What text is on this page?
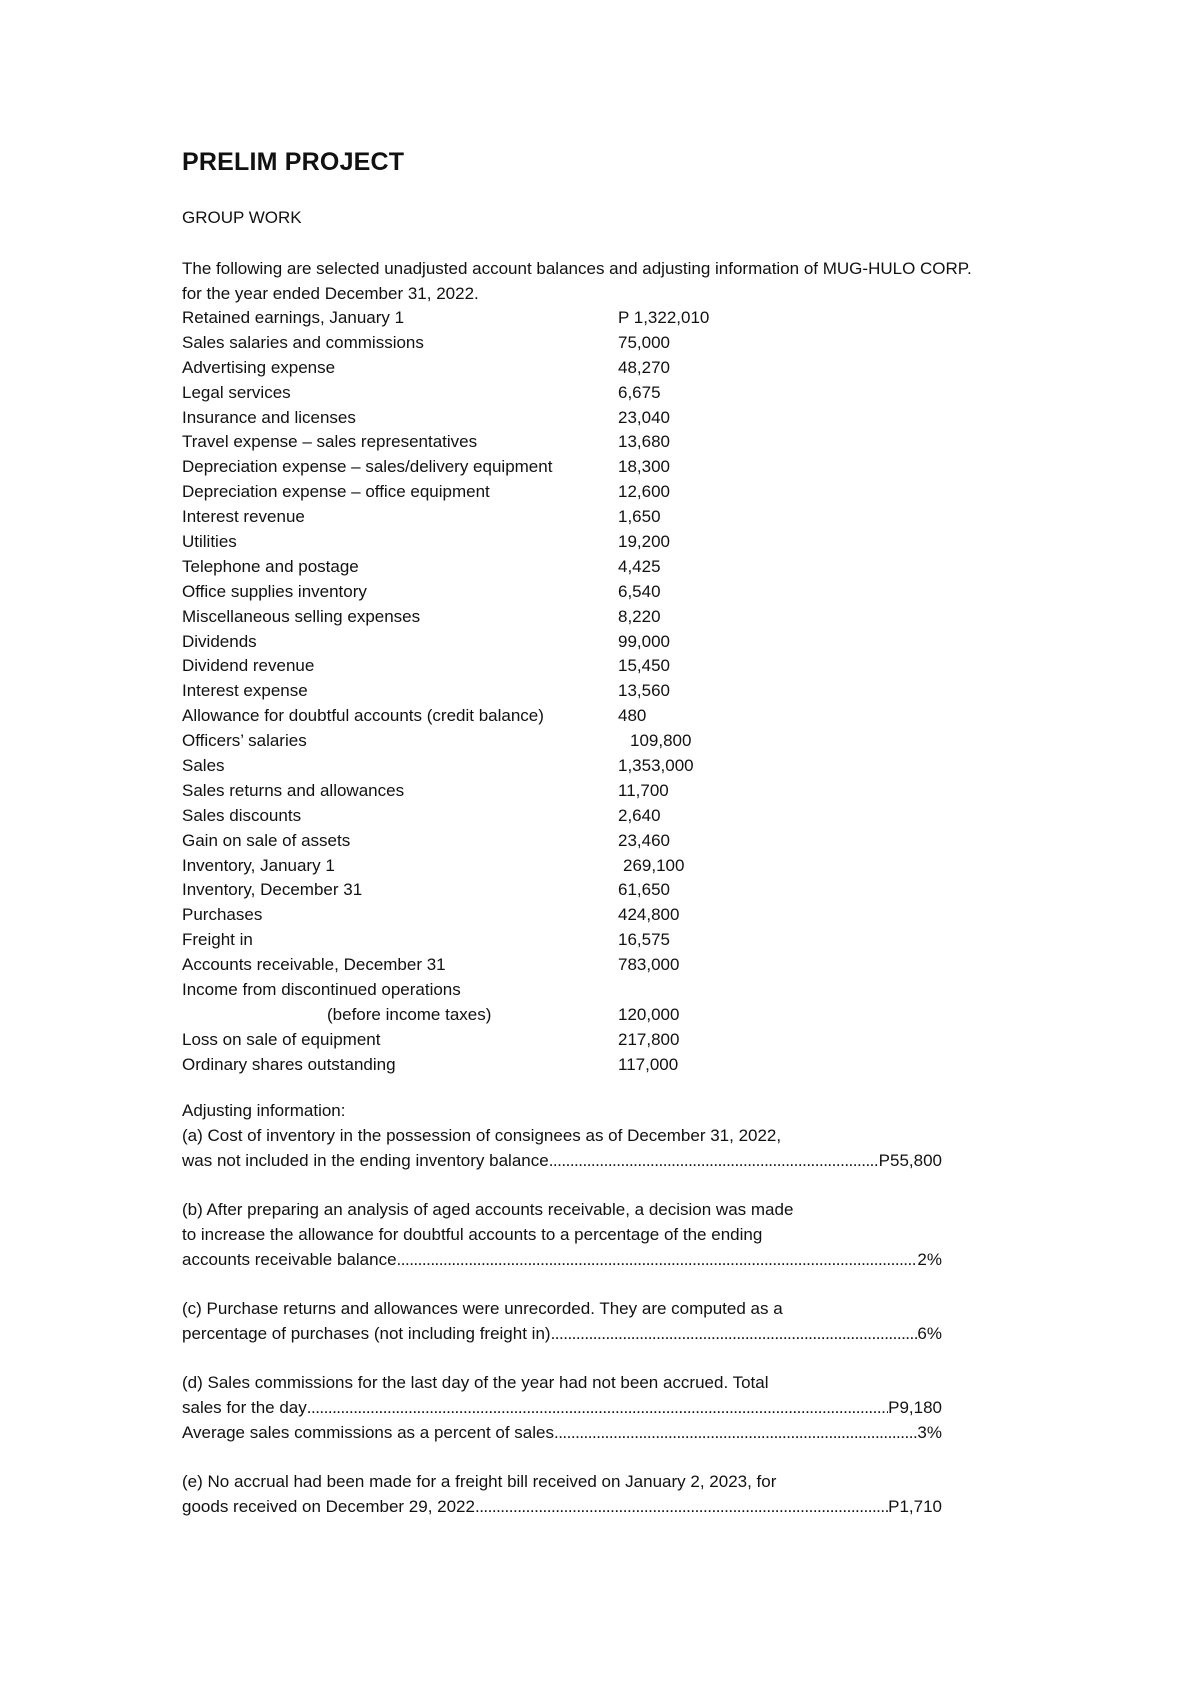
PRELIM PROJECT
GROUP WORK
The following are selected unadjusted account balances and adjusting information of MUG-HULO CORP. for the year ended December 31, 2022.
Retained earnings, January 1	P 1,322,010
Sales salaries and commissions	75,000
Advertising expense	48,270
Legal services	6,675
Insurance and licenses	23,040
Travel expense – sales representatives	13,680
Depreciation expense – sales/delivery equipment	18,300
Depreciation expense – office equipment	12,600
Interest revenue	1,650
Utilities	19,200
Telephone and postage	4,425
Office supplies inventory	6,540
Miscellaneous selling expenses	8,220
Dividends	99,000
Dividend revenue	15,450
Interest expense	13,560
Allowance for doubtful accounts (credit balance)	480
Officers’ salaries	109,800
Sales	1,353,000
Sales returns and allowances	11,700
Sales discounts	2,640
Gain on sale of assets	23,460
Inventory, January 1	269,100
Inventory, December 31	61,650
Purchases	424,800
Freight in	16,575
Accounts receivable, December 31	783,000
Income from discontinued operations
(before income taxes)	120,000
Loss on sale of equipment	217,800
Ordinary shares outstanding	117,000
Adjusting information:
(a) Cost of inventory in the possession of consignees as of December 31, 2022,
was not included in the ending inventory balance .....	P55,800
(b) After preparing an analysis of aged accounts receivable, a decision was made
to increase the allowance for doubtful accounts to a percentage of the ending
accounts receivable balance .....	2%
(c) Purchase returns and allowances were unrecorded. They are computed as a
percentage of purchases (not including freight in) .....	6%
(d) Sales commissions for the last day of the year had not been accrued. Total
sales for the day .....	P9,180
Average sales commissions as a percent of sales .....	3%
(e) No accrual had been made for a freight bill received on January 2, 2023, for
goods received on December 29, 2022 .....	P1,710
